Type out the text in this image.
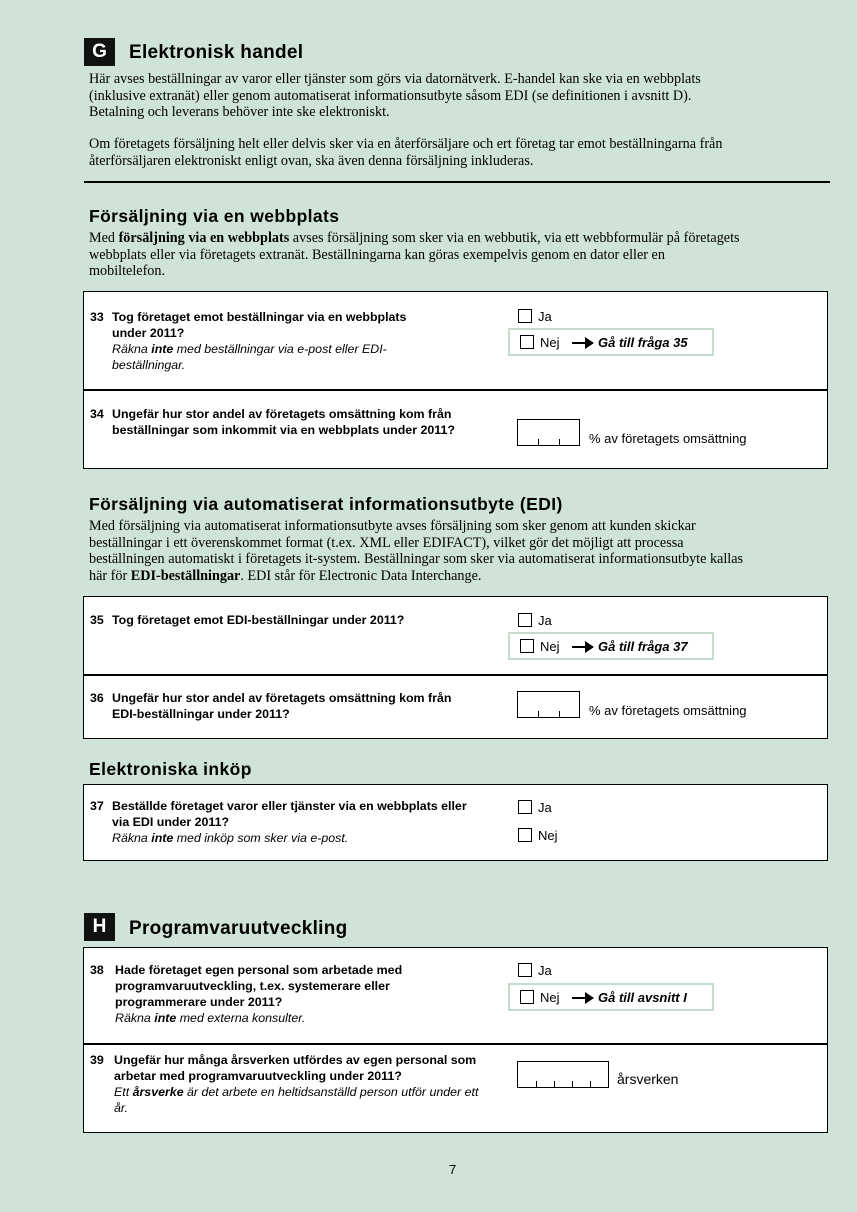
G	Elektronisk handel

Här avses beställningar av varor eller tjänster som görs via datornätverk. E-handel kan ske via en webbplats (inklusive extranät) eller genom automatiserat informationsutbyte såsom EDI (se definitionen i avsnitt D). Betalning och leverans behöver inte ske elektroniskt.

Om företagets försäljning helt eller delvis sker via en återförsäljare och ert företag tar emot beställningarna från återförsäljaren elektroniskt enligt ovan, ska även denna försäljning inkluderas.

Försäljning via en webbplats

Med försäljning via en webbplats avses försäljning som sker via en webbutik, via ett webbformulär på företagets webbplats eller via företagets extranät. Beställningarna kan göras exempelvis genom en dator eller en mobiltelefon.

33 Tog företaget emot beställningar via en webbplats under 2011?
Räkna inte med beställningar via e-post eller EDI-beställningar.
Ja
Nej	Gå till fråga 35
34 Ungefär hur stor andel av företagets omsättning kom från beställningar som inkommit via en webbplats under 2011?
% av företagets omsättning
Försäljning via automatiserat informationsutbyte (EDI)

Med försäljning via automatiserat informationsutbyte avses försäljning som sker genom att kunden skickar beställningar i ett överenskommet format (t.ex. XML eller EDIFACT), vilket gör det möjligt att processa beställningen automatiskt i företagets it-system. Beställningar som sker via automatiserat informationsutbyte kallas här för EDI-beställningar. EDI står för Electronic Data Interchange.

35 Tog företaget emot EDI-beställningar under 2011?	Ja
Nej	Gå till fråga 37
36 Ungefär hur stor andel av företagets omsättning kom från EDI-beställningar under 2011?	% av företagets omsättning
Elektroniska inköp
37 Beställde företaget varor eller tjänster via en webbplats eller via EDI under 2011?
Räkna inte med inköp som sker via e-post.
Ja
Nej
H	Programvaruutveckling
38 Hade företaget egen personal som arbetade med programvaruutveckling, t.ex. systemerare eller programmerare under 2011?
Räkna inte med externa konsulter.
Ja
Nej	Gå till avsnitt I
39 Ungefär hur många årsverken utfördes av egen personal som arbetar med programvaruutveckling under 2011?
Ett årsverke är det arbete en heltidsanställd person utför under ett år.
årsverken
7
